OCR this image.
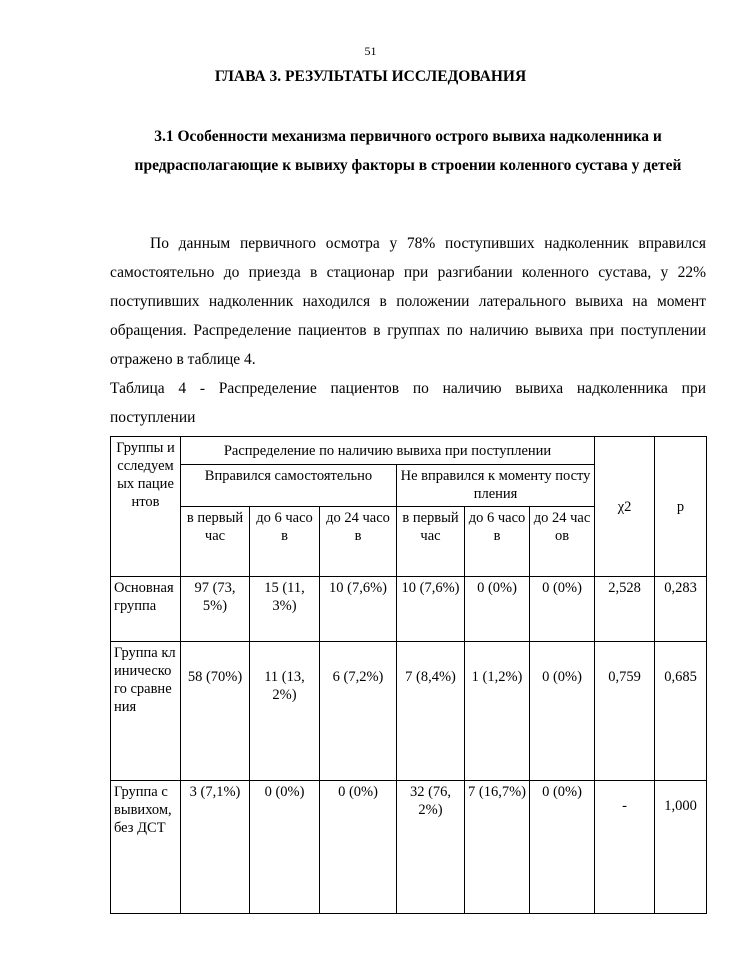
51
ГЛАВА 3. РЕЗУЛЬТАТЫ ИССЛЕДОВАНИЯ
3.1 Особенности механизма первичного острого вывиха надколенника и предрасполагающие к вывиху факторы в строении коленного сустава у детей

По данным первичного осмотра у 78% поступивших надколенник вправился самостоятельно до приезда в стационар при разгибании коленного сустава, у 22% поступивших надколенник находился в положении латерального вывиха на момент обращения. Распределение пациентов в группах по наличию вывиха при поступлении отражено в таблице 4.

Таблица 4 - Распределение пациентов по наличию вывиха надколенника при поступлении

Группы исследуемых пациентов	Распределение по наличию вывиха при поступлении						χ2	р
	Вправился самостоятельно			Не вправился к моменту поступления				
	в первый час	до 6 часов	до 24 часов	в первый час	до 6 часов	до 24 часов		
Основная группа	97 (73,5%)	15 (11,3%)	10 (7,6%)	10 (7,6%)	0 (0%)	0 (0%)	2,528	0,283
Группа клинического сравнения	58 (70%)	11 (13,2%)	6 (7,2%)	7 (8,4%)	1 (1,2%)	0 (0%)	0,759	0,685
Группа с вывихом, без ДСТ	3 (7,1%)	0 (0%)	0 (0%)	32 (76,2%)	7 (16,7%)	0 (0%)	-	1,000
